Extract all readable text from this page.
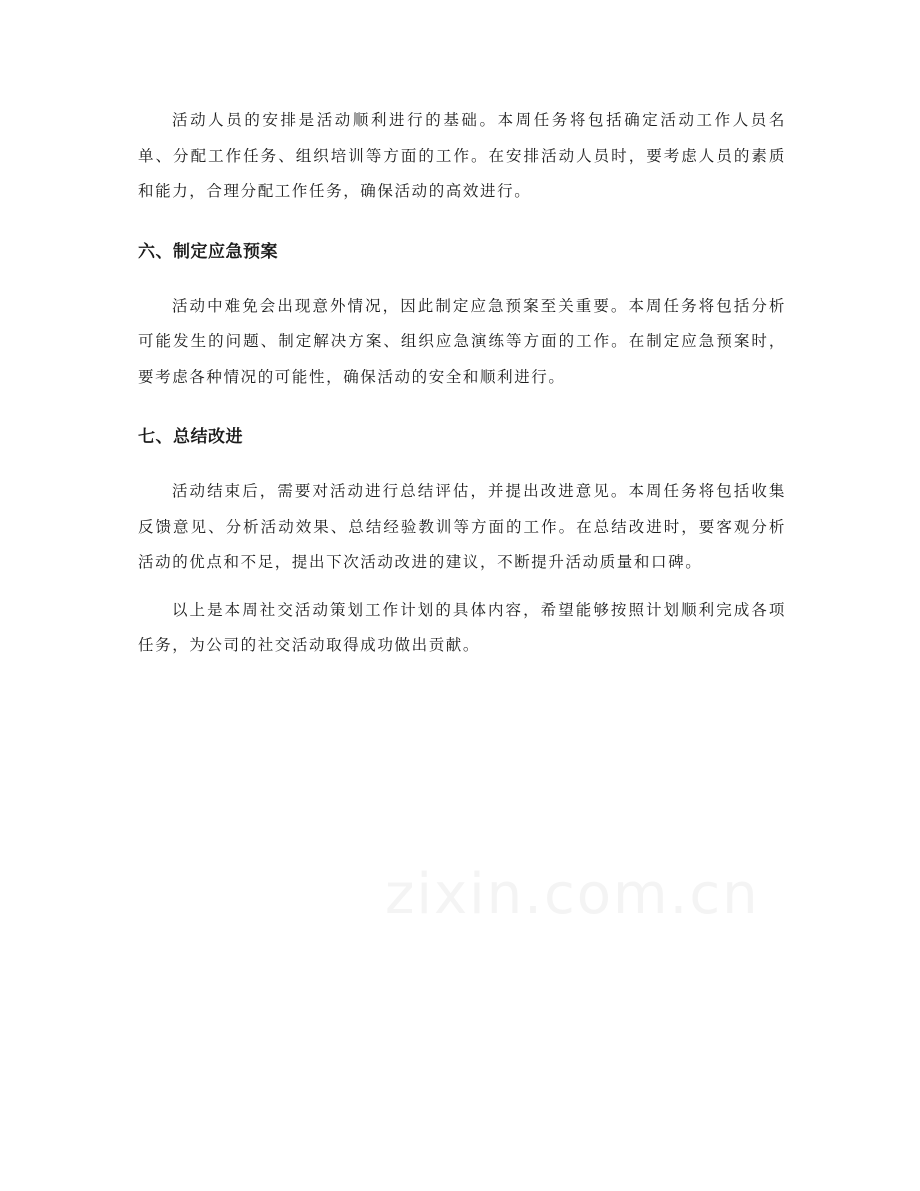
活动人员的安排是活动顺利进行的基础。本周任务将包括确定活动工作人员名单、分配工作任务、组织培训等方面的工作。在安排活动人员时，要考虑人员的素质和能力，合理分配工作任务，确保活动的高效进行。

六、制定应急预案

活动中难免会出现意外情况，因此制定应急预案至关重要。本周任务将包括分析可能发生的问题、制定解决方案、组织应急演练等方面的工作。在制定应急预案时，要考虑各种情况的可能性，确保活动的安全和顺利进行。

七、总结改进

活动结束后，需要对活动进行总结评估，并提出改进意见。本周任务将包括收集反馈意见、分析活动效果、总结经验教训等方面的工作。在总结改进时，要客观分析活动的优点和不足，提出下次活动改进的建议，不断提升活动质量和口碑。

以上是本周社交活动策划工作计划的具体内容，希望能够按照计划顺利完成各项任务，为公司的社交活动取得成功做出贡献。

zixin.com.cn
